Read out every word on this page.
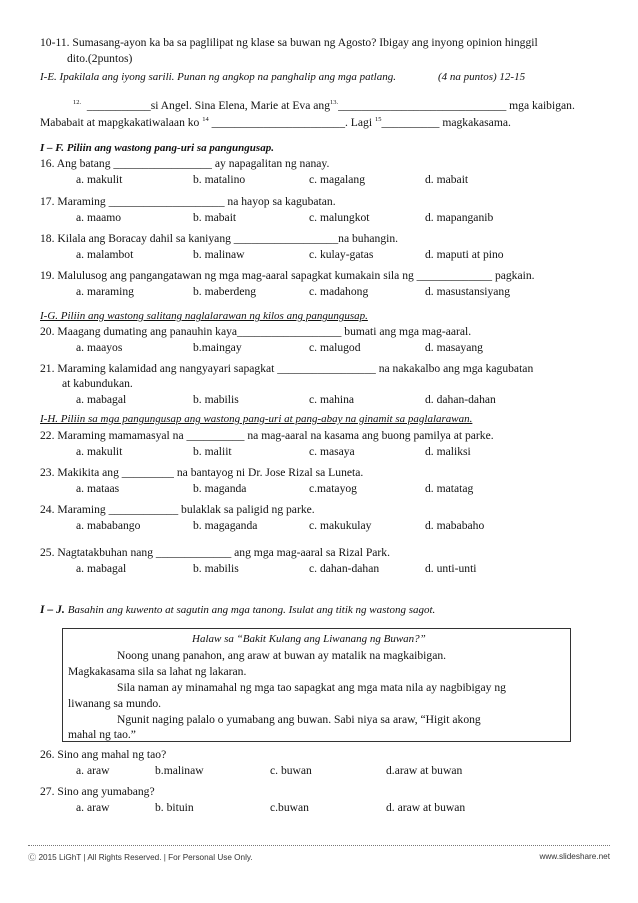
10-11. Sumasang-ayon ka ba sa paglilipat ng klase sa buwan ng Agosto? Ibigay ang inyong opinion hinggil
dito.(2puntos)
I-E. Ipakilala ang iyong sarili. Punan ng angkop na panghalip ang mga patlang.	(4 na puntos) 12-15
$^{12.}$ ___________si Angel. Sina Elena, Marie at Eva ang$^{13.}$_____________________________ mga kaibigan.
Mababait at mapgkakatiwalaan ko $^{14}$ _______________________. Lagi $^{15}$__________ magkakasama.
I – F. Piliin ang wastong pang-uri sa pangungusap.
16. Ang batang _________________ ay napagalitan ng nanay.
a. makulit	b. matalino	c. magalang	d. mabait
17. Maraming ____________________ na hayop sa kagubatan.
a. maamo	b. mabait	c. malungkot	d. mapanganib
18. Kilala ang Boracay dahil sa kaniyang __________________na buhangin.
a. malambot	b. malinaw	c. kulay-gatas	d. maputi at pino
19. Malulusog ang pangangatawan ng mga mag-aaral sapagkat kumakain sila ng _____________ pagkain.
a. maraming	b. maberdeng	c. madahong	d. masustansiyang
I-G. Piliin ang wastong salitang naglalarawan ng kilos ang pangungusap.
20. Maagang dumating ang panauhin kaya__________________ bumati ang mga mag-aaral.
a. maayos	b.maingay	c. malugod	d. masayang
21. Maraming kalamidad ang nangyayari sapagkat _________________ na nakakalbo ang mga kagubatan
at kabundukan.
a. mabagal	b. mabilis	c. mahina	d. dahan-dahan
I-H. Piliin sa mga pangungusap ang wastong pang-uri at pang-abay na ginamit sa paglalarawan.
22. Maraming mamamasyal na __________ na mag-aaral na kasama ang buong pamilya at parke.
a. makulit	b. maliit	c. masaya	d. maliksi
23. Makikita ang _________ na bantayog ni Dr. Jose Rizal sa Luneta.
a. mataas	b. maganda	c.matayog	d. matatag
24. Maraming ____________ bulaklak sa paligid ng parke.
a. mababango	b. magaganda	c. makukulay	d. mababaho
25. Nagtatakbuhan nang _____________ ang mga mag-aaral sa Rizal Park.
a. mabagal	b. mabilis	c. dahan-dahan	d. unti-unti
I – J. Basahin ang kuwento at sagutin ang mga tanong. Isulat ang titik ng wastong sagot.
Halaw sa “Bakit Kulang ang Liwanang ng Buwan?”
Noong unang panahon, ang araw at buwan ay matalik na magkaibigan.
Magkakasama sila sa lahat ng lakaran.
Sila naman ay minamahal ng mga tao sapagkat ang mga mata nila ay nagbibigay ng
liwanang sa mundo.
Ngunit naging palalo o yumabang ang buwan. Sabi niya sa araw, “Higit akong
mahal ng tao.”
26. Sino ang mahal ng tao?
a. araw	b.malinaw	c. buwan	d.araw at buwan
27. Sino ang yumabang?
a. araw	b. bituin	c.buwan	d. araw at buwan
Ⓒ 2015 LiGhT | All Rights Reserved. | For Personal Use Only.	www.slideshare.net
